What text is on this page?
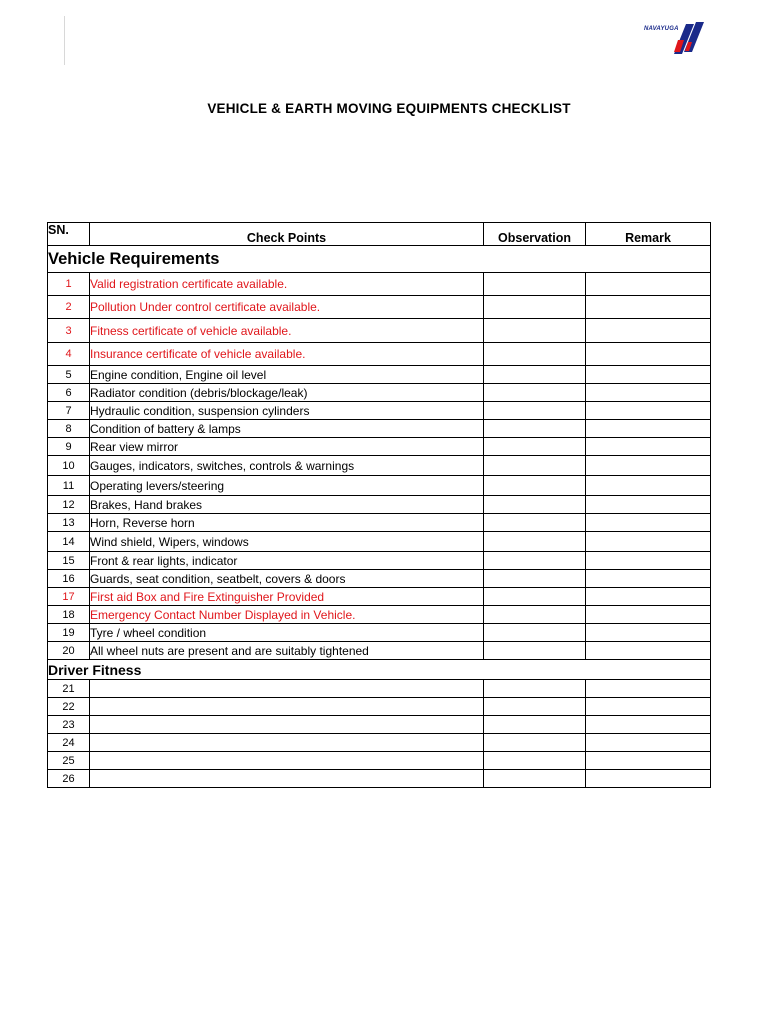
NAVAYUGA
VEHICLE & EARTH MOVING EQUIPMENTS CHECKLIST
SN.	Check Points	Observation	Remark
Vehicle Requirements			
1	Valid registration certificate available.		
2	Pollution Under control certificate available.		
3	Fitness certificate of vehicle available.		
4	Insurance certificate of vehicle available.		
5	Engine condition, Engine oil level		
6	Radiator condition (debris/blockage/leak)		
7	Hydraulic condition, suspension cylinders		
8	Condition of battery & lamps		
9	Rear view mirror		
10	Gauges, indicators, switches, controls & warnings		
11	Operating levers/steering		
12	Brakes, Hand brakes		
13	Horn, Reverse horn		
14	Wind shield, Wipers, windows		
15	Front & rear lights, indicator		
16	Guards, seat condition, seatbelt, covers & doors		
17	First aid Box and Fire Extinguisher Provided		
18	Emergency Contact Number Displayed in Vehicle.		
19	Tyre / wheel condition		
20	All wheel nuts are present and are suitably tightened		
Driver Fitness			
21			
22			
23			
24			
25			
26			
